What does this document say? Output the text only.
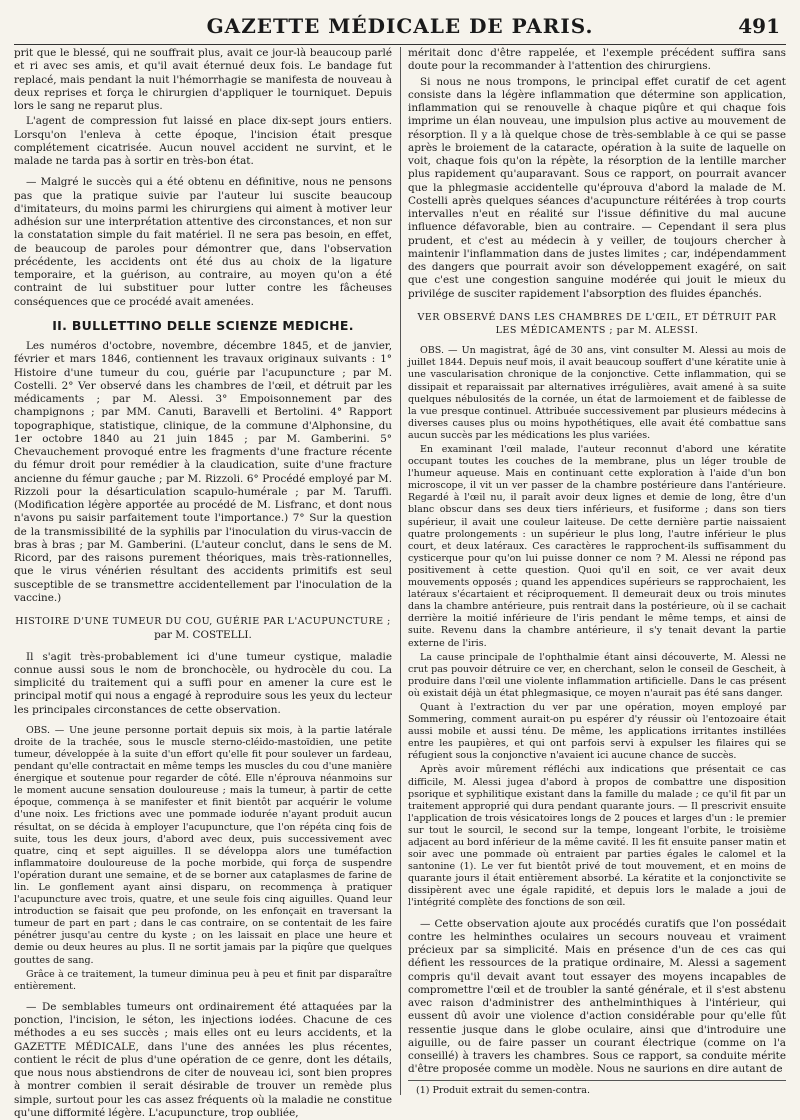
GAZETTE MÉDICALE DE PARIS.	491

prit que le blessé, qui ne souffrait plus, avait ce jour-là beaucoup parlé et ri avec ses amis, et qu'il avait éternué deux fois. Le bandage fut replacé, mais pendant la nuit l'hémorrhagie se manifesta de nouveau à deux reprises et força le chirurgien d'appliquer le tourniquet. Depuis lors le sang ne reparut plus.

L'agent de compression fut laissé en place dix-sept jours entiers. Lorsqu'on l'enleva à cette époque, l'incision était presque complétement cicatrisée. Aucun nouvel accident ne survint, et le malade ne tarda pas à sortir en très-bon état.

— Malgré le succès qui a été obtenu en définitive, nous ne pensons pas que la pratique suivie par l'auteur lui suscite beaucoup d'imitateurs, du moins parmi les chirurgiens qui aiment à motiver leur adhésion sur une interprétation attentive des circonstances, et non sur la constatation simple du fait matériel. Il ne sera pas besoin, en effet, de beaucoup de paroles pour démontrer que, dans l'observation précédente, les accidents ont été dus au choix de la ligature temporaire, et la guérison, au contraire, au moyen qu'on a été contraint de lui substituer pour lutter contre les fâcheuses conséquences que ce procédé avait amenées.

II. BULLETTINO DELLE SCIENZE MEDICHE.

Les numéros d'octobre, novembre, décembre 1845, et de janvier, février et mars 1846, contiennent les travaux originaux suivants : 1° Histoire d'une tumeur du cou, guérie par l'acupuncture ; par M. Costelli. 2° Ver observé dans les chambres de l'œil, et détruit par les médicaments ; par M. Alessi. 3° Empoisonnement par des champignons ; par MM. Canuti, Baravelli et Bertolini. 4° Rapport topographique, statistique, clinique, de la commune d'Alphonsine, du 1er octobre 1840 au 21 juin 1845 ; par M. Gamberini. 5° Chevauchement provoqué entre les fragments d'une fracture récente du fémur droit pour remédier à la claudication, suite d'une fracture ancienne du fémur gauche ; par M. Rizzoli. 6° Procédé employé par M. Rizzoli pour la désarticulation scapulo-humérale ; par M. Taruffi. (Modification légère apportée au procédé de M. Lisfranc, et dont nous n'avons pu saisir parfaitement toute l'importance.) 7° Sur la question de la transmissibilité de la syphilis par l'inoculation du virus-vaccin de bras à bras ; par M. Gamberini. (L'auteur conclut, dans le sens de M. Ricord, par des raisons purement théoriques, mais très-rationnelles, que le virus vénérien résultant des accidents primitifs est seul susceptible de se transmettre accidentellement par l'inoculation de la vaccine.)

HISTOIRE D'UNE TUMEUR DU COU, GUÉRIE PAR L'ACUPUNCTURE ;
par M. COSTELLI.

Il s'agit très-probablement ici d'une tumeur cystique, maladie connue aussi sous le nom de bronchocèle, ou hydrocèle du cou. La simplicité du traitement qui a suffi pour en amener la cure est le principal motif qui nous a engagé à reproduire sous les yeux du lecteur les principales circonstances de cette observation.

OBS. — Une jeune personne portait depuis six mois, à la partie latérale droite de la trachée, sous le muscle sterno-cléido-mastoïdien, une petite tumeur, développée à la suite d'un effort qu'elle fit pour soulever un fardeau, pendant qu'elle contractait en même temps les muscles du cou d'une manière énergique et soutenue pour regarder de côté. Elle n'éprouva néanmoins sur le moment aucune sensation douloureuse ; mais la tumeur, à partir de cette époque, commença à se manifester et finit bientôt par acquérir le volume d'une noix. Les frictions avec une pommade iodurée n'ayant produit aucun résultat, on se décida à employer l'acupuncture, que l'on répéta cinq fois de suite, tous les deux jours, d'abord avec deux, puis successivement avec quatre, cinq et sept aiguilles. Il se développa alors une tuméfaction inflammatoire douloureuse de la poche morbide, qui força de suspendre l'opération durant une semaine, et de se borner aux cataplasmes de farine de lin. Le gonflement ayant ainsi disparu, on recommença à pratiquer l'acupuncture avec trois, quatre, et une seule fois cinq aiguilles. Quand leur introduction se faisait que peu profonde, on les enfonçait en traversant la tumeur de part en part ; dans le cas contraire, on se contentait de les faire pénétrer jusqu'au centre du kyste ; on les laissait en place une heure et demie ou deux heures au plus. Il ne sortit jamais par la piqûre que quelques gouttes de sang.

Grâce à ce traitement, la tumeur diminua peu à peu et finit par disparaître entièrement.

— De semblables tumeurs ont ordinairement été attaquées par la ponction, l'incision, le séton, les injections iodées. Chacune de ces méthodes a eu ses succès ; mais elles ont eu leurs accidents, et la GAZETTE MÉDICALE, dans l'une des années les plus récentes, contient le récit de plus d'une opération de ce genre, dont les détails, que nous nous abstiendrons de citer de nouveau ici, sont bien propres à montrer combien il serait désirable de trouver un remède plus simple, surtout pour les cas assez fréquents où la maladie ne constitue qu'une difformité légère. L'acupuncture, trop oubliée,

méritait donc d'être rappelée, et l'exemple précédent suffira sans doute pour la recommander à l'attention des chirurgiens.

Si nous ne nous trompons, le principal effet curatif de cet agent consiste dans la légère inflammation que détermine son application, inflammation qui se renouvelle à chaque piqûre et qui chaque fois imprime un élan nouveau, une impulsion plus active au mouvement de résorption. Il y a là quelque chose de très-semblable à ce qui se passe après le broiement de la cataracte, opération à la suite de laquelle on voit, chaque fois qu'on la répète, la résorption de la lentille marcher plus rapidement qu'auparavant. Sous ce rapport, on pourrait avancer que la phlegmasie accidentelle qu'éprouva d'abord la malade de M. Costelli après quelques séances d'acupuncture réitérées à trop courts intervalles n'eut en réalité sur l'issue définitive du mal aucune influence défavorable, bien au contraire. — Cependant il sera plus prudent, et c'est au médecin à y veiller, de toujours chercher à maintenir l'inflammation dans de justes limites ; car, indépendamment des dangers que pourrait avoir son développement exagéré, on sait que c'est une congestion sanguine modérée qui jouit le mieux du privilége de susciter rapidement l'absorption des fluides épanchés.

VER OBSERVÉ DANS LES CHAMBRES DE L'ŒIL, ET DÉTRUIT PAR LES MÉDICAMENTS ; par M. ALESSI.

OBS. — Un magistrat, âgé de 30 ans, vint consulter M. Alessi au mois de juillet 1844. Depuis neuf mois, il avait beaucoup souffert d'une kératite unie à une vascularisation chronique de la conjonctive. Cette inflammation, qui se dissipait et reparaissait par alternatives irrégulières, avait amené à sa suite quelques nébulosités de la cornée, un état de larmoiement et de faiblesse de la vue presque continuel. Attribuée successivement par plusieurs médecins à diverses causes plus ou moins hypothétiques, elle avait été combattue sans aucun succès par les médications les plus variées.

En examinant l'œil malade, l'auteur reconnut d'abord une kératite occupant toutes les couches de la membrane, plus un léger trouble de l'humeur aqueuse. Mais en continuant cette exploration à l'aide d'un bon microscope, il vit un ver passer de la chambre postérieure dans l'antérieure. Regardé à l'œil nu, il paraît avoir deux lignes et demie de long, être d'un blanc obscur dans ses deux tiers inférieurs, et fusiforme ; dans son tiers supérieur, il avait une couleur laiteuse. De cette dernière partie naissaient quatre prolongements : un supérieur le plus long, l'autre inférieur le plus court, et deux latéraux. Ces caractères le rapprochent-ils suffisamment du cysticerque pour qu'on lui puisse donner ce nom ? M. Alessi ne répond pas positivement à cette question. Quoi qu'il en soit, ce ver avait deux mouvements opposés ; quand les appendices supérieurs se rapprochaient, les latéraux s'écartaient et réciproquement. Il demeurait deux ou trois minutes dans la chambre antérieure, puis rentrait dans la postérieure, où il se cachait derrière la moitié inférieure de l'iris pendant le même temps, et ainsi de suite. Revenu dans la chambre antérieure, il s'y tenait devant la partie externe de l'iris.

La cause principale de l'ophthalmie étant ainsi découverte, M. Alessi ne crut pas pouvoir détruire ce ver, en cherchant, selon le conseil de Gescheit, à produire dans l'œil une violente inflammation artificielle. Dans le cas présent où existait déjà un état phlegmasique, ce moyen n'aurait pas été sans danger.

Quant à l'extraction du ver par une opération, moyen employé par Sommering, comment aurait-on pu espérer d'y réussir où l'entozoaire était aussi mobile et aussi ténu. De même, les applications irritantes instillées entre les paupières, et qui ont parfois servi à expulser les filaires qui se réfugient sous la conjonctive n'avaient ici aucune chance de succès.

Après avoir mûrement réfléchi aux indications que présentait ce cas difficile, M. Alessi jugea d'abord à propos de combattre une disposition psorique et syphilitique existant dans la famille du malade ; ce qu'il fit par un traitement approprié qui dura pendant quarante jours. — Il prescrivit ensuite l'application de trois vésicatoires longs de 2 pouces et larges d'un : le premier sur tout le sourcil, le second sur la tempe, longeant l'orbite, le troisième adjacent au bord inférieur de la même cavité. Il les fit ensuite panser matin et soir avec une pommade où entraient par parties égales le calomel et la santonine (1). Le ver fut bientôt privé de tout mouvement, et en moins de quarante jours il était entièrement absorbé. La kératite et la conjonctivite se dissipèrent avec une égale rapidité, et depuis lors le malade a joui de l'intégrité complète des fonctions de son œil.

— Cette observation ajoute aux procédés curatifs que l'on possédait contre les helminthes oculaires un secours nouveau et vraiment précieux par sa simplicité. Mais en présence d'un de ces cas qui défient les ressources de la pratique ordinaire, M. Alessi a sagement compris qu'il devait avant tout essayer des moyens incapables de compromettre l'œil et de troubler la santé générale, et il s'est abstenu avec raison d'administrer des anthelminthiques à l'intérieur, qui eussent dû avoir une violence d'action considérable pour qu'elle fût ressentie jusque dans le globe oculaire, ainsi que d'introduire une aiguille, ou de faire passer un courant électrique (comme on l'a conseillé) à travers les chambres. Sous ce rapport, sa conduite mérite d'être proposée comme un modèle. Nous ne saurions en dire autant de

(1) Produit extrait du semen-contra.
